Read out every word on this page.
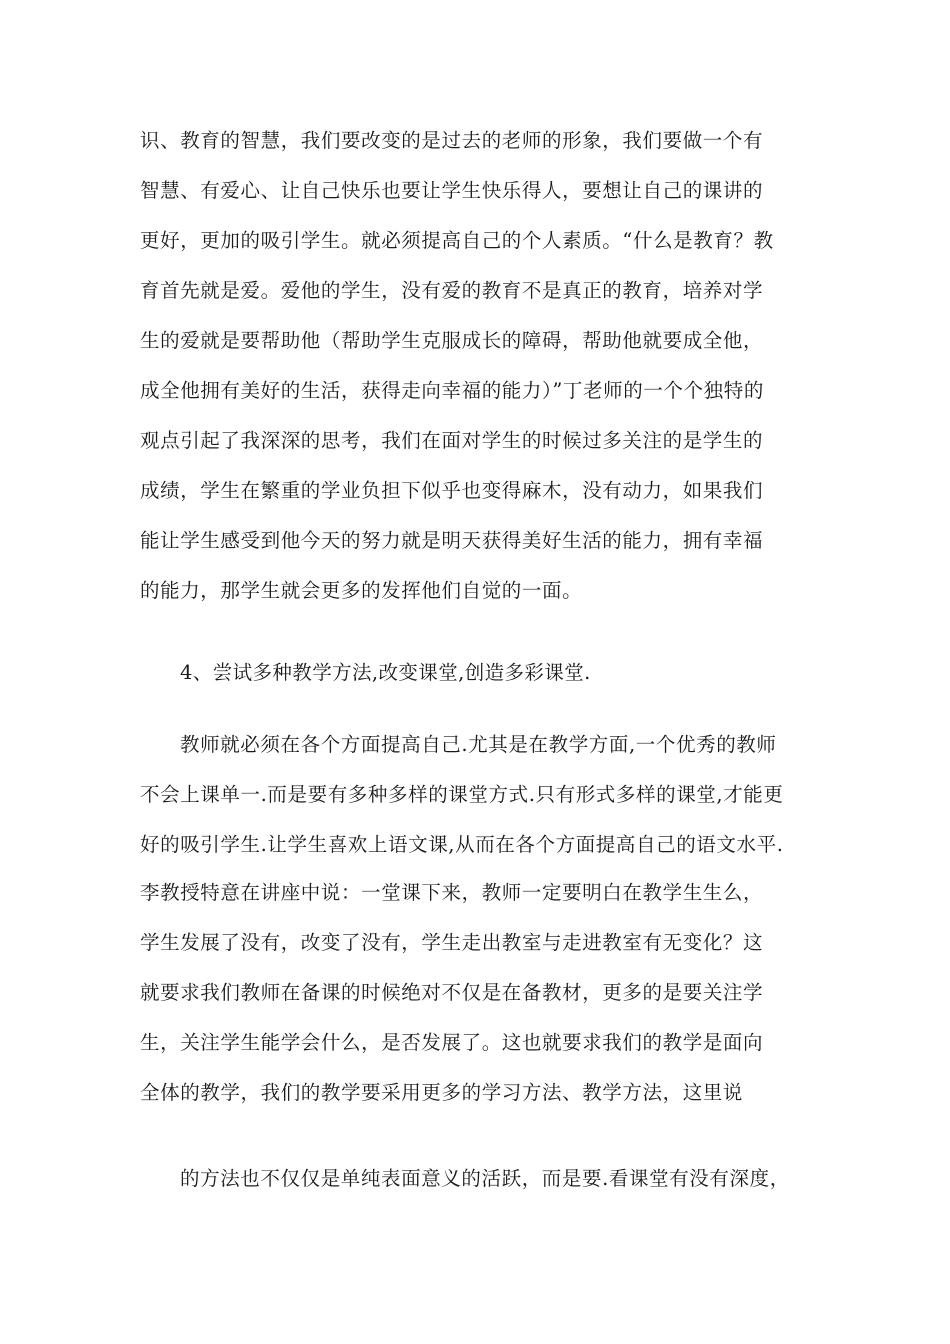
识、教育的智慧，我们要改变的是过去的老师的形象，我们要做一个有
智慧、有爱心、让自己快乐也要让学生快乐得人，要想让自己的课讲的
更好，更加的吸引学生。就必须提高自己的个人素质。“什么是教育？教
育首先就是爱。爱他的学生，没有爱的教育不是真正的教育，培养对学
生的爱就是要帮助他（帮助学生克服成长的障碍，帮助他就要成全他，
成全他拥有美好的生活，获得走向幸福的能力）”丁老师的一个个独特的
观点引起了我深深的思考，我们在面对学生的时候过多关注的是学生的
成绩，学生在繁重的学业负担下似乎也变得麻木，没有动力，如果我们
能让学生感受到他今天的努力就是明天获得美好生活的能力，拥有幸福
的能力，那学生就会更多的发挥他们自觉的一面。
4、尝试多种教学方法,改变课堂,创造多彩课堂.
教师就必须在各个方面提高自己.尤其是在教学方面,一个优秀的教师
不会上课单一.而是要有多种多样的课堂方式.只有形式多样的课堂,才能更
好的吸引学生.让学生喜欢上语文课,从而在各个方面提高自己的语文水平.
李教授特意在讲座中说：一堂课下来，教师一定要明白在教学生生么，
学生发展了没有，改变了没有，学生走出教室与走进教室有无变化？这
就要求我们教师在备课的时候绝对不仅是在备教材，更多的是要关注学
生，关注学生能学会什么，是否发展了。这也就要求我们的教学是面向
全体的教学，我们的教学要采用更多的学习方法、教学方法，这里说
的方法也不仅仅是单纯表面意义的活跃，而是要.看课堂有没有深度，
